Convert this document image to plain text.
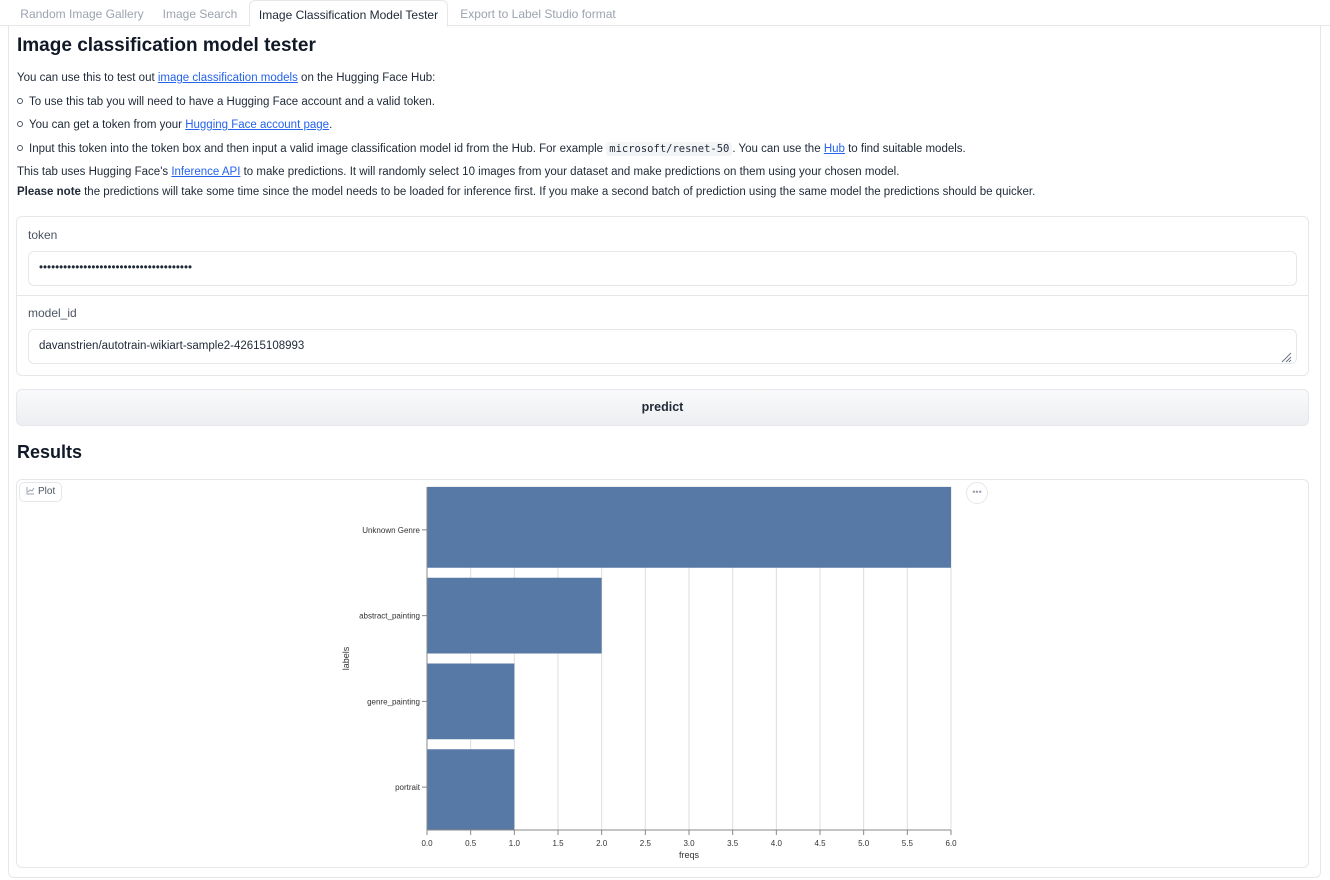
Random Image Gallery	Image Search	Image Classification Model Tester	Export to Label Studio format
Image classification model tester

You can use this to test out image classification models on the Hugging Face Hub:

To use this tab you will need to have a Hugging Face account and a valid token.

You can get a token from your Hugging Face account page.

Input this token into the token box and then input a valid image classification model id from the Hub. For example microsoft/resnet-50 . You can use the Hub to find suitable models.

This tab uses Hugging Face's Inference API to make predictions. It will randomly select 10 images from your dataset and make predictions on them using your chosen model.

Please note the predictions will take some time since the model needs to be loaded for inference first. If you make a second batch of prediction using the same model the predictions should be quicker.

token
••••••••••••••••••••••••••••••••••••••
model_id
davanstrien/autotrain-wikiart-sample2-42615108993
predict
Results
0.0	0.5	1.0	1.5	2.0	2.5	3.0	3.5	4.0	4.5	5.0	5.5	6.0
Unknown Genre
abstract_painting
genre_painting
portrait
freqs
labels
Plot	•••
